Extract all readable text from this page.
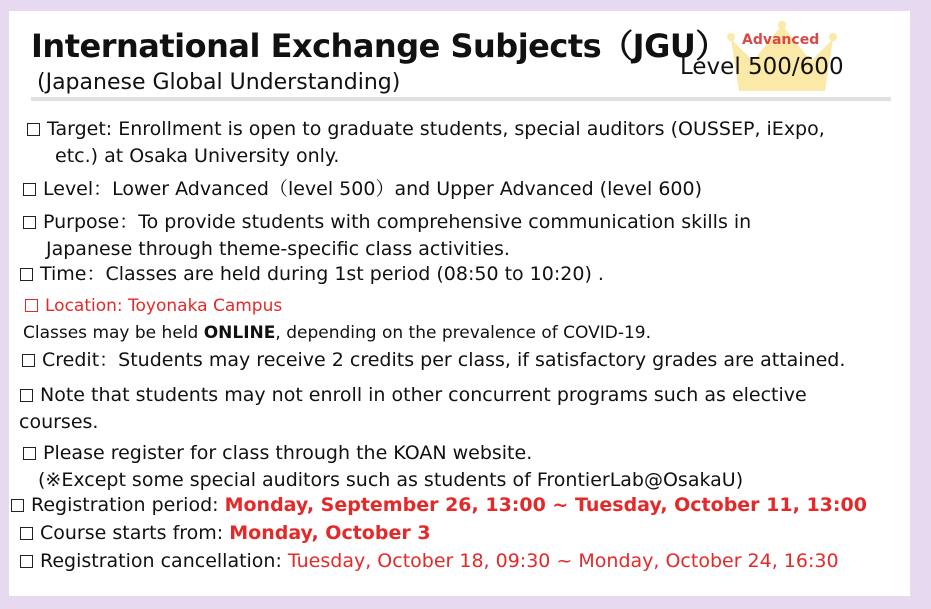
International Exchange Subjects（JGU）
(Japanese Global Understanding)
Advanced
Level 500/600
Target: Enrollment is open to graduate students, special auditors (OUSSEP, iExpo,
etc.) at Osaka University only.
Level：Lower Advanced（level 500）and Upper Advanced (level 600)
Purpose：To provide students with comprehensive communication skills in
Japanese through theme-specific class activities.
Time：Classes are held during 1st period (08:50 to 10:20) .
Location: Toyonaka Campus
Classes may be held ONLINE, depending on the prevalence of COVID-19.
Credit：Students may receive 2 credits per class, if satisfactory grades are attained.
Note that students may not enroll in other concurrent programs such as elective
courses.
Please register for class through the KOAN website.
(※Except some special auditors such as students of FrontierLab@OsakaU)
Registration period: Monday, September 26, 13:00 ~ Tuesday, October 11, 13:00
Course starts from: Monday, October 3
Registration cancellation: Tuesday, October 18, 09:30 ~ Monday, October 24, 16:30
